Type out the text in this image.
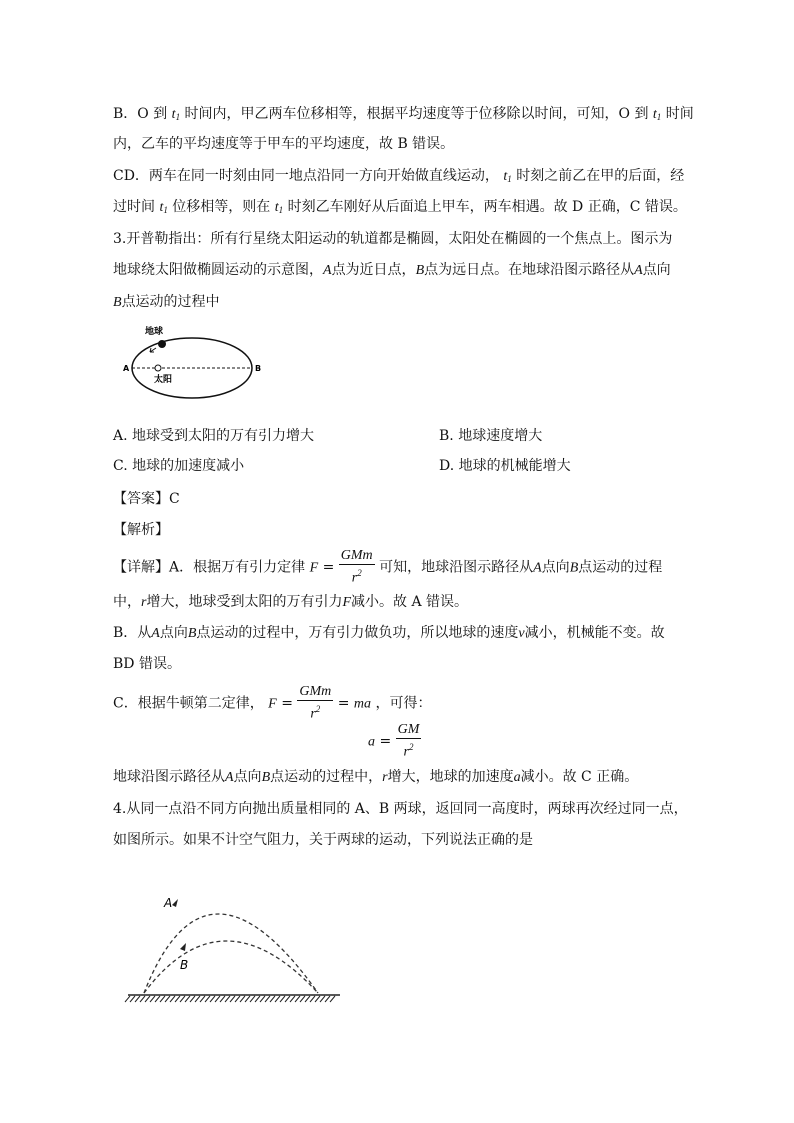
B．O 到 $t_1$ 时间内，甲乙两车位移相等，根据平均速度等于位移除以时间，可知，O 到 $t_1$ 时间
内，乙车的平均速度等于甲车的平均速度，故 B 错误。
CD．两车在同一时刻由同一地点沿同一方向开始做直线运动， $t_1$ 时刻之前乙在甲的后面，经
过时间 $t_1$ 位移相等，则在 $t_1$ 时刻乙车刚好从后面追上甲车，两车相遇。故 D 正确，C 错误。
3.开普勒指出：所有行星绕太阳运动的轨道都是椭圆，太阳处在椭圆的一个焦点上。图示为
地球绕太阳做椭圆运动的示意图，A点为近日点，B点为远日点。在地球沿图示路径从A点向
B点运动的过程中
地球
太阳
A	B
A. 地球受到太阳的万有引力增大	B. 地球速度增大
C. 地球的加速度减小	D. 地球的机械能增大
【答案】C
【解析】
【详解】A．根据万有引力定律 $F = \frac{\text{GMm}}{r^2}$ 可知，地球沿图示路径从A点向B点运动的过程
中，r增大，地球受到太阳的万有引力F减小。故 A 错误。
B．从A点向B点运动的过程中，万有引力做负功，所以地球的速度v减小，机械能不变。故
BD 错误。
C．根据牛顿第二定律， $F = \frac{\text{GMm}}{r^2}$ = ma ，可得：
$a = \frac{GM}{r^2}$
地球沿图示路径从A点向B点运动的过程中，r增大，地球的加速度a减小。故 C 正确。
4.从同一点沿不同方向抛出质量相同的 A、B 两球，返回同一高度时，两球再次经过同一点，
如图所示。如果不计空气阻力，关于两球的运动，下列说法正确的是
A
B
